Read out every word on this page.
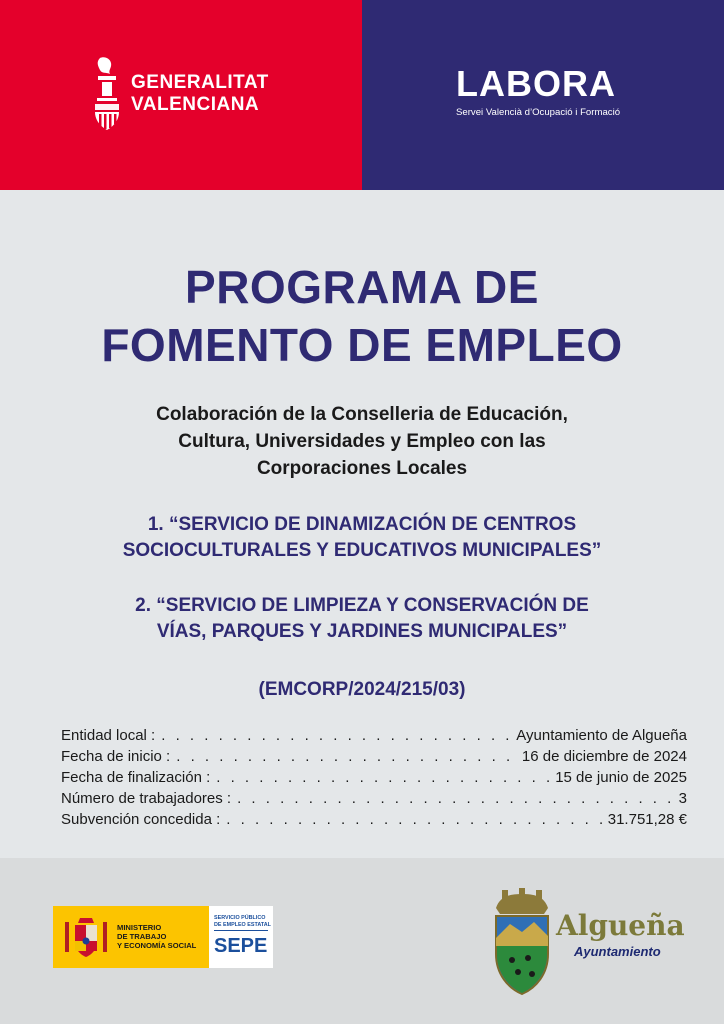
GENERALITAT
VALENCIANA
LABORA
Servei Valencià d’Ocupació i Formació
PROGRAMA DE
FOMENTO DE EMPLEO
Colaboración de la Conselleria de Educación,
Cultura, Universidades y Empleo con las
Corporaciones Locales
1. “SERVICIO DE DINAMIZACIÓN DE CENTROS
SOCIOCULTURALES Y EDUCATIVOS MUNICIPALES”
2. “SERVICIO DE LIMPIEZA Y CONSERVACIÓN DE
VÍAS, PARQUES Y JARDINES MUNICIPALES”
(EMCORP/2024/215/03)
Entidad local : . . .	Ayuntamiento de Algueña
Fecha de inicio : . . .	16 de diciembre de 2024
Fecha de finalización : . . .	15 de junio de 2025
Número de trabajadores : . . .	3
Subvención concedida : . . .	31.751,28 €
MINISTERIO
DE TRABAJO
Y ECONOMÍA SOCIAL
SERVICIO PÚBLICO
DE EMPLEO ESTATAL
SEPE
Algueña
Ayuntamiento
